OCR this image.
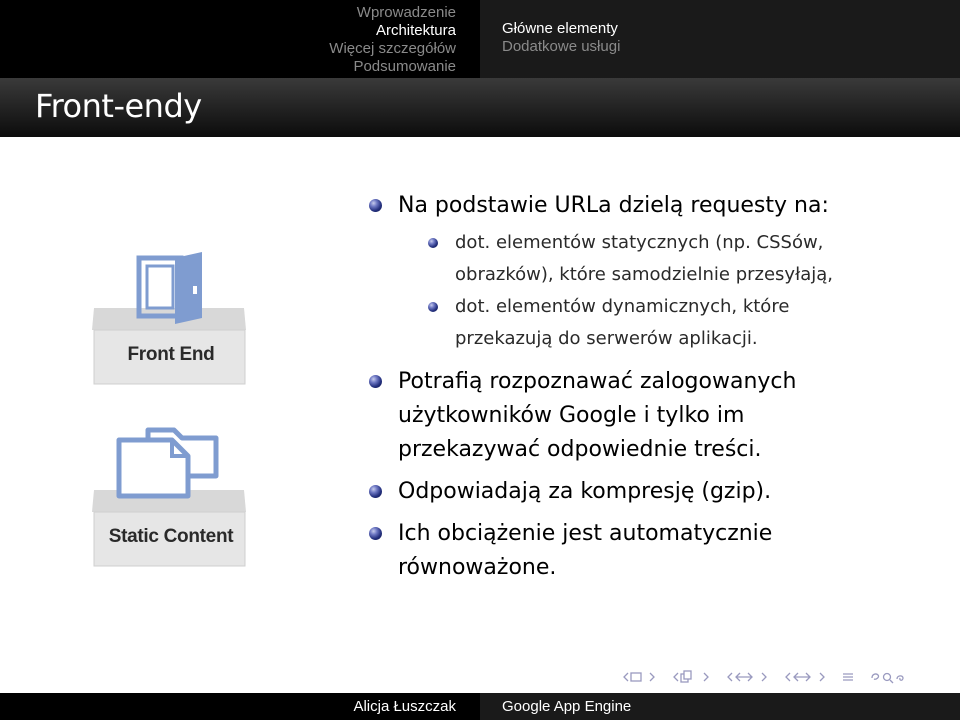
Wprowadzenie
Architektura
Więcej szczegółów
Podsumowanie
Główne elementy
Dodatkowe usługi
Front-endy
Front End
Static Content
Na podstawie URLa dzielą requesty na:
dot. elementów statycznych (np. CSSów, obrazków), które samodzielnie przesyłają,
dot. elementów dynamicznych, które przekazują do serwerów aplikacji.
Potrafią rozpoznawać zalogowanych użytkowników Google i tylko im przekazywać odpowiednie treści.
Odpowiadają za kompresję (gzip).
Ich obciążenie jest automatycznie równoważone.
Alicja Łuszczak	Google App Engine
